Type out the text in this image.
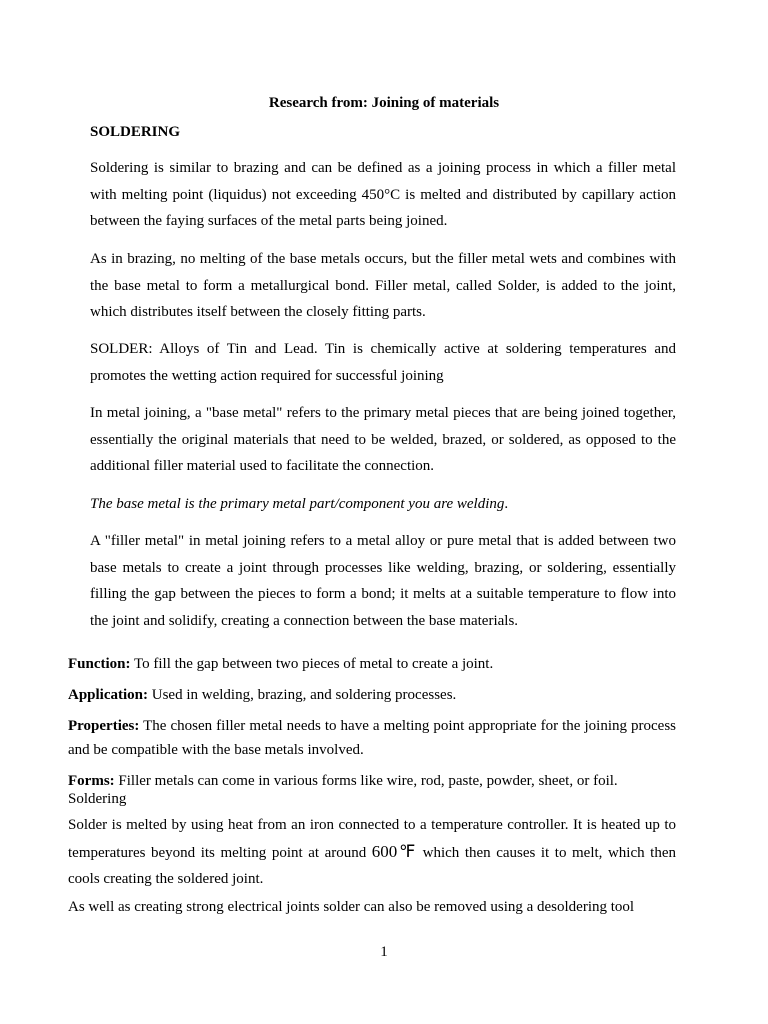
Research from: Joining of materials
SOLDERING
Soldering is similar to brazing and can be defined as a joining process in which a filler metal with melting point (liquidus) not exceeding 450°C is melted and distributed by capillary action between the faying surfaces of the metal parts being joined.
As in brazing, no melting of the base metals occurs, but the filler metal wets and combines with the base metal to form a metallurgical bond. Filler metal, called Solder, is added to the joint, which distributes itself between the closely fitting parts.
SOLDER: Alloys of Tin and Lead. Tin is chemically active at soldering temperatures and promotes the wetting action required for successful joining
In metal joining, a "base metal" refers to the primary metal pieces that are being joined together, essentially the original materials that need to be welded, brazed, or soldered, as opposed to the additional filler material used to facilitate the connection.
The base metal is the primary metal part/component you are welding.
A "filler metal" in metal joining refers to a metal alloy or pure metal that is added between two base metals to create a joint through processes like welding, brazing, or soldering, essentially filling the gap between the pieces to form a bond; it melts at a suitable temperature to flow into the joint and solidify, creating a connection between the base materials.
Function: To fill the gap between two pieces of metal to create a joint.
Application: Used in welding, brazing, and soldering processes.
Properties: The chosen filler metal needs to have a melting point appropriate for the joining process and be compatible with the base metals involved.
Forms: Filler metals can come in various forms like wire, rod, paste, powder, sheet, or foil.
Soldering
Solder is melted by using heat from an iron connected to a temperature controller. It is heated up to temperatures beyond its melting point at around 600℉ which then causes it to melt, which then cools creating the soldered joint.
As well as creating strong electrical joints solder can also be removed using a desoldering tool
1
